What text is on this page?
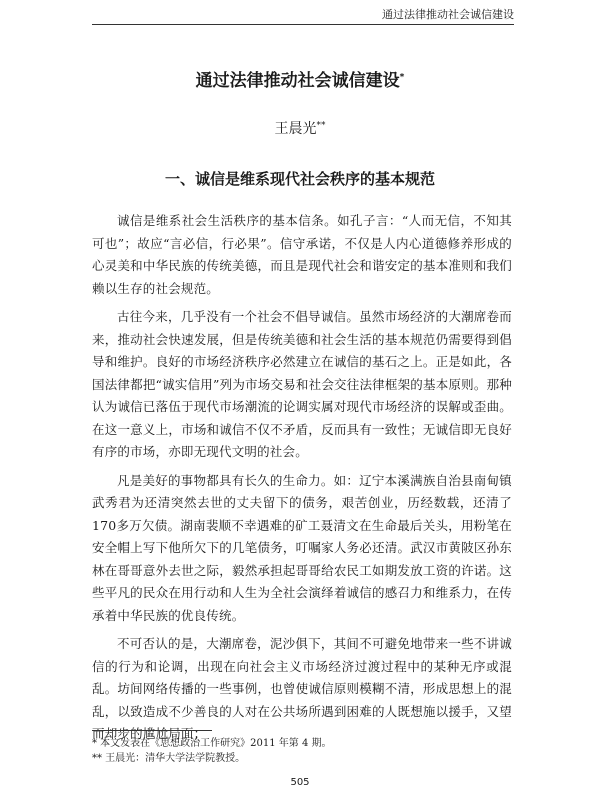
通过法律推动社会诚信建设
通过法律推动社会诚信建设*
王晨光**
一、诚信是维系现代社会秩序的基本规范

诚信是维系社会生活秩序的基本信条。如孔子言：“人而无信，不知其可也”；故应“言必信，行必果”。信守承诺，不仅是人内心道德修养形成的心灵美和中华民族的传统美德，而且是现代社会和谐安定的基本准则和我们赖以生存的社会规范。

古往今来，几乎没有一个社会不倡导诚信。虽然市场经济的大潮席卷而来，推动社会快速发展，但是传统美德和社会生活的基本规范仍需要得到倡导和维护。良好的市场经济秩序必然建立在诚信的基石之上。正是如此，各国法律都把“诚实信用”列为市场交易和社会交往法律框架的基本原则。那种认为诚信已落伍于现代市场潮流的论调实属对现代市场经济的误解或歪曲。在这一意义上，市场和诚信不仅不矛盾，反而具有一致性；无诚信即无良好有序的市场，亦即无现代文明的社会。

凡是美好的事物都具有长久的生命力。如：辽宁本溪满族自治县南甸镇武秀君为还清突然去世的丈夫留下的债务，艰苦创业，历经数载，还清了170多万欠债。湖南裴顺不幸遇难的矿工聂清文在生命最后关头，用粉笔在安全帽上写下他所欠下的几笔债务，叮嘱家人务必还清。武汉市黄陂区孙东林在哥哥意外去世之际，毅然承担起哥哥给农民工如期发放工资的许诺。这些平凡的民众在用行动和人生为全社会演绎着诚信的感召力和维系力，在传承着中华民族的优良传统。

不可否认的是，大潮席卷，泥沙俱下，其间不可避免地带来一些不讲诚信的行为和论调，出现在向社会主义市场经济过渡过程中的某种无序或混乱。坊间网络传播的一些事例，也曾使诚信原则模糊不清，形成思想上的混乱，以致造成不少善良的人对在公共场所遇到困难的人既想施以援手，又望而却步的尴尬局面；

* 本文发表在《思想政治工作研究》2011 年第 4 期。
** 王晨光：清华大学法学院教授。
505
